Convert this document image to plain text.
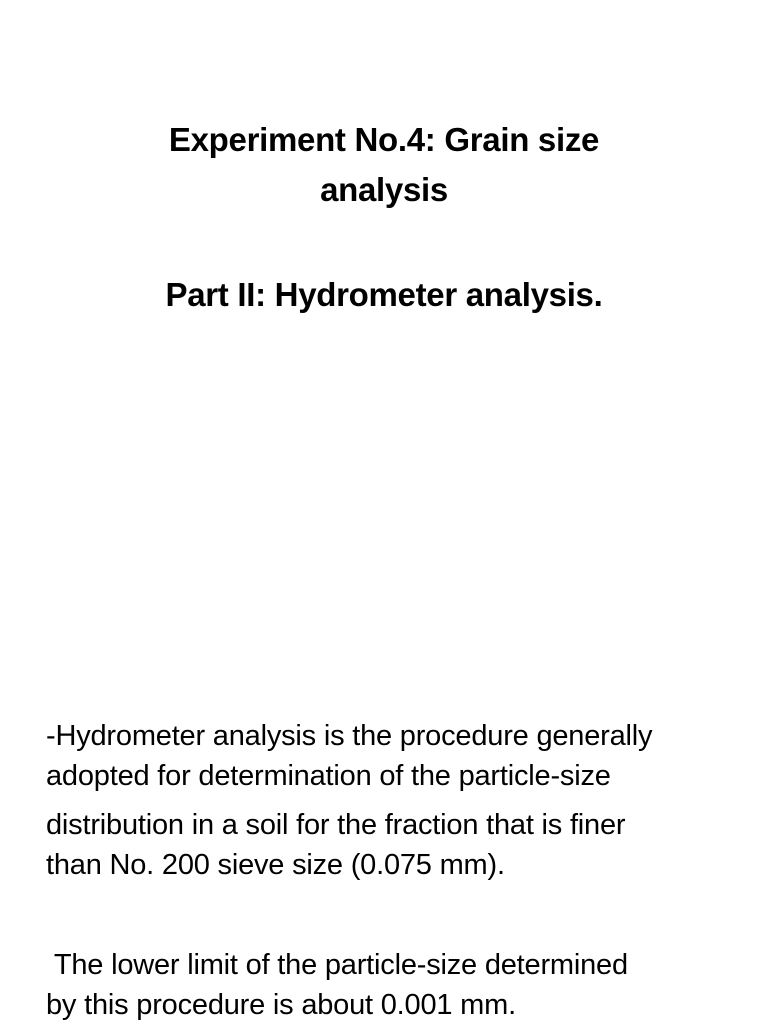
Experiment No.4: Grain size
analysis
Part II: Hydrometer analysis.
-Hydrometer analysis is the procedure generally
adopted for determination of the particle-size
distribution in a soil for the fraction that is finer
than No. 200 sieve size (0.075 mm).
The lower limit of the particle-size determined
by this procedure is about 0.001 mm.
